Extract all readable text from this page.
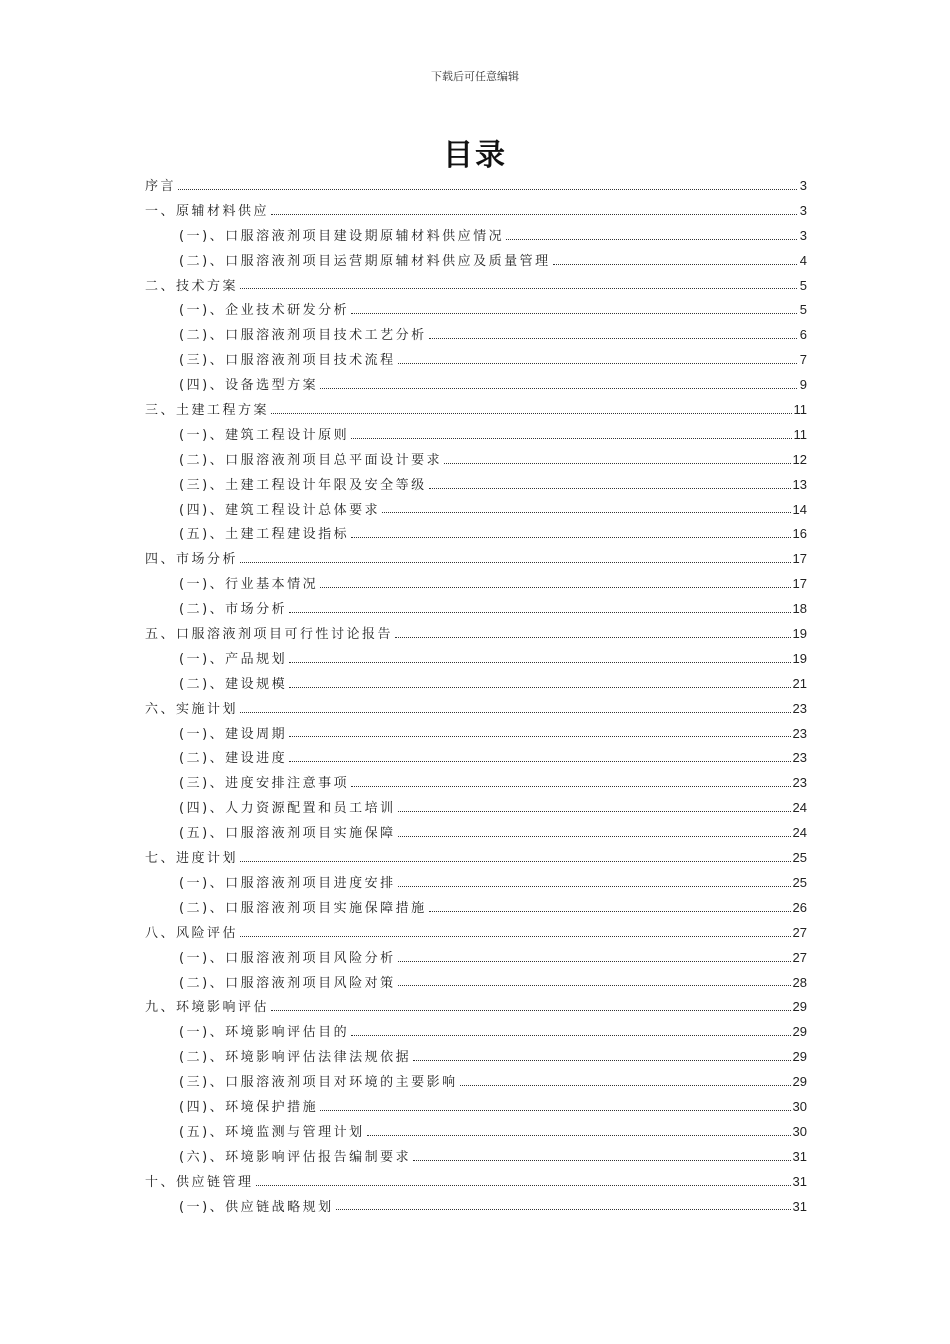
下载后可任意编辑
目录
序言	3
一、原辅材料供应	3
(一)、口服溶液剂项目建设期原辅材料供应情况	3
(二)、口服溶液剂项目运营期原辅材料供应及质量管理	4
二、技术方案	5
(一)、企业技术研发分析	5
(二)、口服溶液剂项目技术工艺分析	6
(三)、口服溶液剂项目技术流程	7
(四)、设备选型方案	9
三、土建工程方案	11
(一)、建筑工程设计原则	11
(二)、口服溶液剂项目总平面设计要求	12
(三)、土建工程设计年限及安全等级	13
(四)、建筑工程设计总体要求	14
(五)、土建工程建设指标	16
四、市场分析	17
(一)、行业基本情况	17
(二)、市场分析	18
五、口服溶液剂项目可行性讨论报告	19
(一)、产品规划	19
(二)、建设规模	21
六、实施计划	23
(一)、建设周期	23
(二)、建设进度	23
(三)、进度安排注意事项	23
(四)、人力资源配置和员工培训	24
(五)、口服溶液剂项目实施保障	24
七、进度计划	25
(一)、口服溶液剂项目进度安排	25
(二)、口服溶液剂项目实施保障措施	26
八、风险评估	27
(一)、口服溶液剂项目风险分析	27
(二)、口服溶液剂项目风险对策	28
九、环境影响评估	29
(一)、环境影响评估目的	29
(二)、环境影响评估法律法规依据	29
(三)、口服溶液剂项目对环境的主要影响	29
(四)、环境保护措施	30
(五)、环境监测与管理计划	30
(六)、环境影响评估报告编制要求	31
十、供应链管理	31
(一)、供应链战略规划	31
